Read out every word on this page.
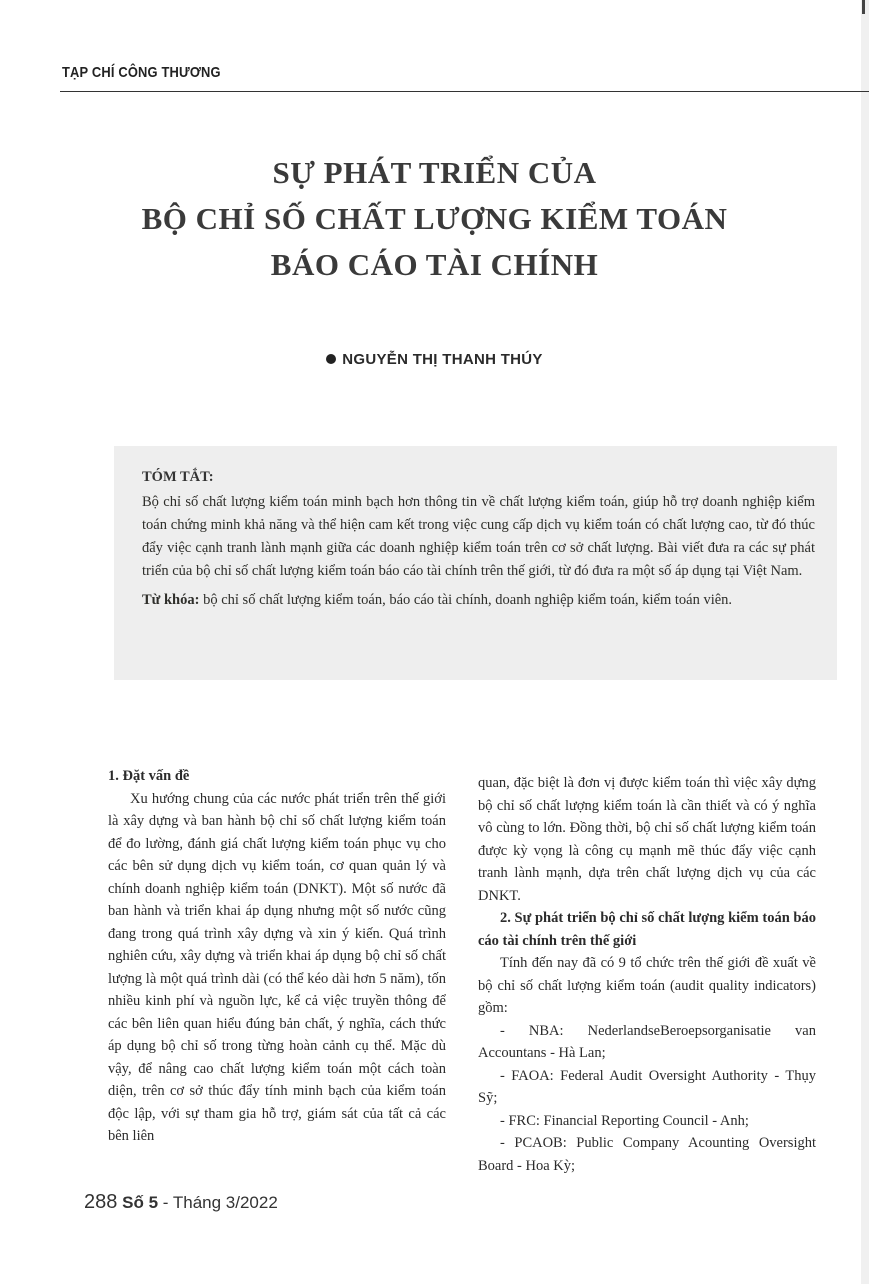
TẠP CHÍ CÔNG THƯƠNG
SỰ PHÁT TRIỂN CỦA
BỘ CHỈ SỐ CHẤT LƯỢNG KIỂM TOÁN
BÁO CÁO TÀI CHÍNH
NGUYỄN THỊ THANH THÚY
TÓM TẮT:
Bộ chỉ số chất lượng kiểm toán minh bạch hơn thông tin về chất lượng kiểm toán, giúp hỗ trợ doanh nghiệp kiểm toán chứng minh khả năng và thể hiện cam kết trong việc cung cấp dịch vụ kiểm toán có chất lượng cao, từ đó thúc đẩy việc cạnh tranh lành mạnh giữa các doanh nghiệp kiểm toán trên cơ sở chất lượng. Bài viết đưa ra các sự phát triển của bộ chỉ số chất lượng kiểm toán báo cáo tài chính trên thế giới, từ đó đưa ra một số áp dụng tại Việt Nam.
Từ khóa: bộ chỉ số chất lượng kiểm toán, báo cáo tài chính, doanh nghiệp kiểm toán, kiểm toán viên.

1. Đặt vấn đề

Xu hướng chung của các nước phát triển trên thế giới là xây dựng và ban hành bộ chỉ số chất lượng kiểm toán để đo lường, đánh giá chất lượng kiểm toán phục vụ cho các bên sử dụng dịch vụ kiểm toán, cơ quan quản lý và chính doanh nghiệp kiểm toán (DNKT). Một số nước đã ban hành và triển khai áp dụng nhưng một số nước cũng đang trong quá trình xây dựng và xin ý kiến. Quá trình nghiên cứu, xây dựng và triển khai áp dụng bộ chỉ số chất lượng là một quá trình dài (có thể kéo dài hơn 5 năm), tốn nhiều kinh phí và nguồn lực, kể cả việc truyền thông để các bên liên quan hiểu đúng bản chất, ý nghĩa, cách thức áp dụng bộ chỉ số trong từng hoàn cảnh cụ thể. Mặc dù vậy, để nâng cao chất lượng kiểm toán một cách toàn diện, trên cơ sở thúc đẩy tính minh bạch của kiểm toán độc lập, với sự tham gia hỗ trợ, giám sát của tất cả các bên liên

quan, đặc biệt là đơn vị được kiểm toán thì việc xây dựng bộ chỉ số chất lượng kiểm toán là cần thiết và có ý nghĩa vô cùng to lớn. Đồng thời, bộ chỉ số chất lượng kiểm toán được kỳ vọng là công cụ mạnh mẽ thúc đẩy việc cạnh tranh lành mạnh, dựa trên chất lượng dịch vụ của các DNKT.

2. Sự phát triển bộ chỉ số chất lượng kiểm toán báo cáo tài chính trên thế giới

Tính đến nay đã có 9 tổ chức trên thế giới đề xuất về bộ chỉ số chất lượng kiểm toán (audit quality indicators) gồm:

- NBA: NederlandseBeroepsorganisatie van Accountans - Hà Lan;

- FAOA: Federal Audit Oversight Authority - Thụy Sỹ;

- FRC: Financial Reporting Council - Anh;

- PCAOB: Public Company Acounting Oversight Board - Hoa Kỳ;

288 Số 5 - Tháng 3/2022
